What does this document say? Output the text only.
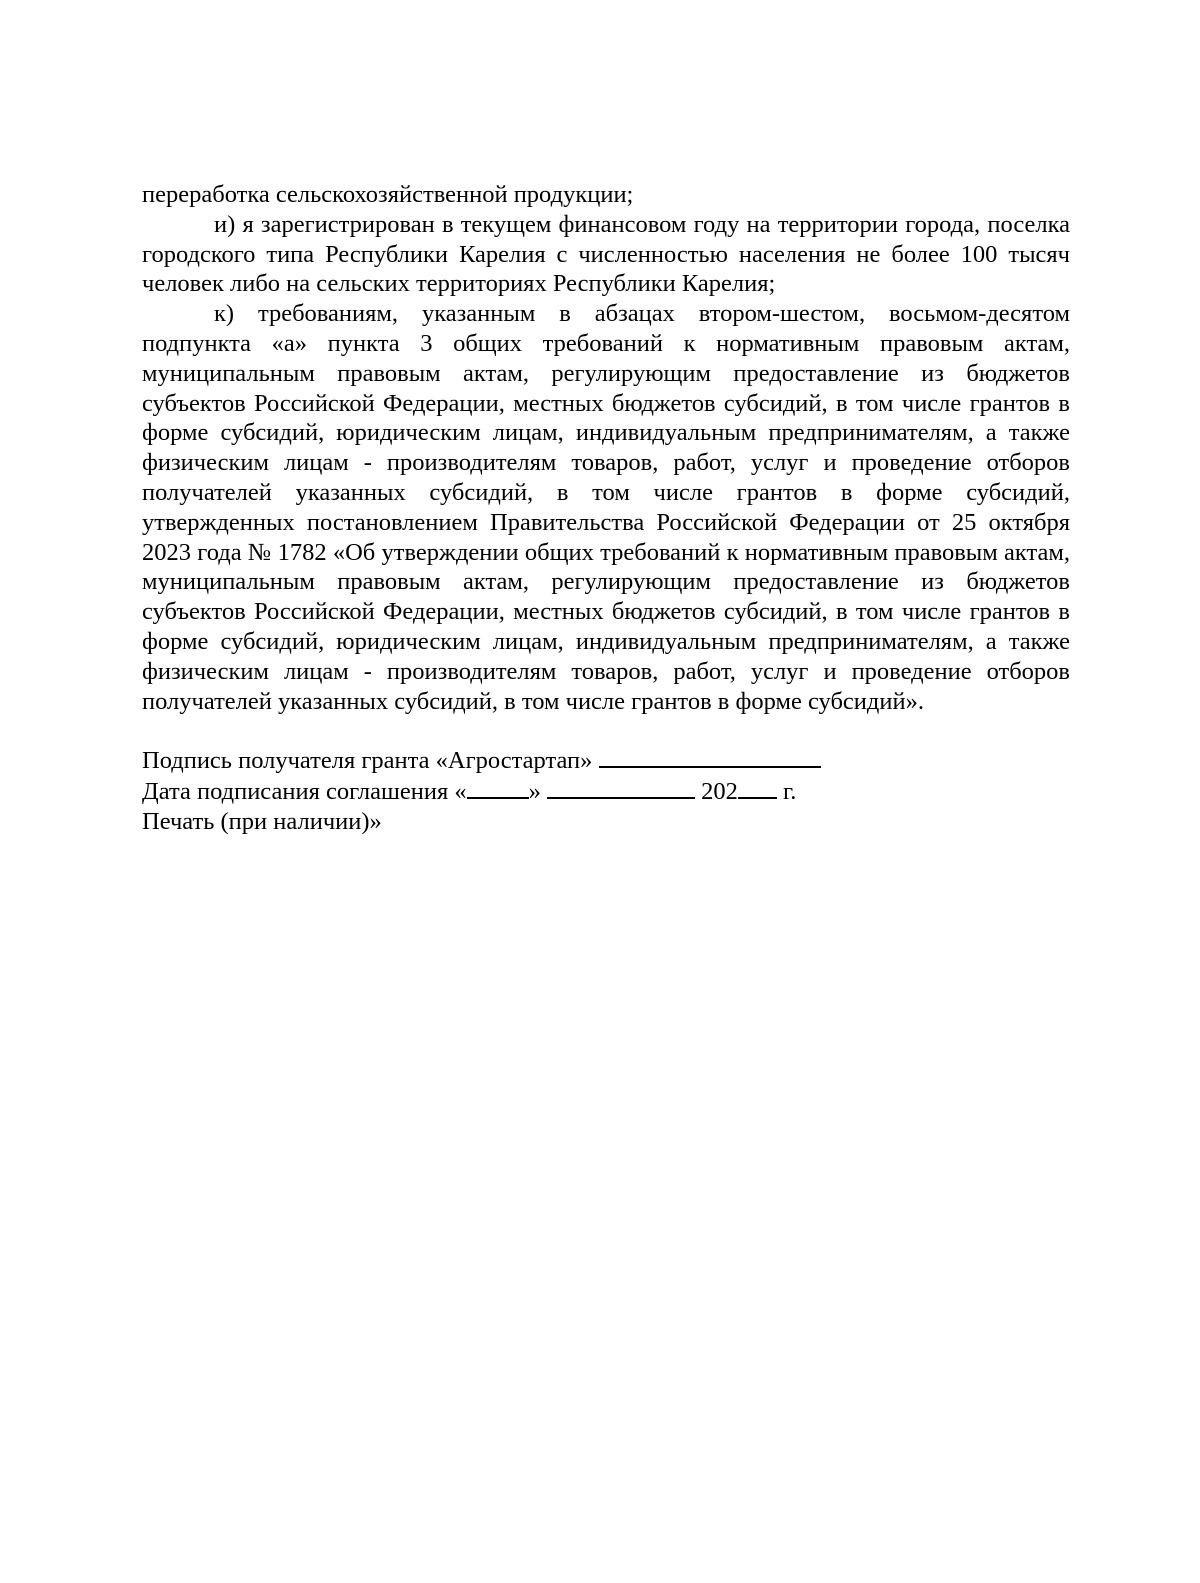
переработка сельскохозяйственной продукции;

и) я зарегистрирован в текущем финансовом году на территории города, поселка городского типа Республики Карелия с численностью населения не более 100 тысяч человек либо на сельских территориях Республики Карелия;

к) требованиям, указанным в абзацах втором-шестом, восьмом-десятом подпункта «а» пункта 3 общих требований к нормативным правовым актам, муниципальным правовым актам, регулирующим предоставление из бюджетов субъектов Российской Федерации, местных бюджетов субсидий, в том числе грантов в форме субсидий, юридическим лицам, индивидуальным предпринимателям, а также физическим лицам - производителям товаров, работ, услуг и проведение отборов получателей указанных субсидий, в том числе грантов в форме субсидий, утвержденных постановлением Правительства Российской Федерации от 25 октября 2023 года № 1782 «Об утверждении общих требований к нормативным правовым актам, муниципальным правовым актам, регулирующим предоставление из бюджетов субъектов Российской Федерации, местных бюджетов субсидий, в том числе грантов в форме субсидий, юридическим лицам, индивидуальным предпринимателям, а также физическим лицам - производителям товаров, работ, услуг и проведение отборов получателей указанных субсидий, в том числе грантов в форме субсидий».

Подпись получателя гранта «Агростартап»

Дата подписания соглашения «	»	202 г.

Печать (при наличии)»
